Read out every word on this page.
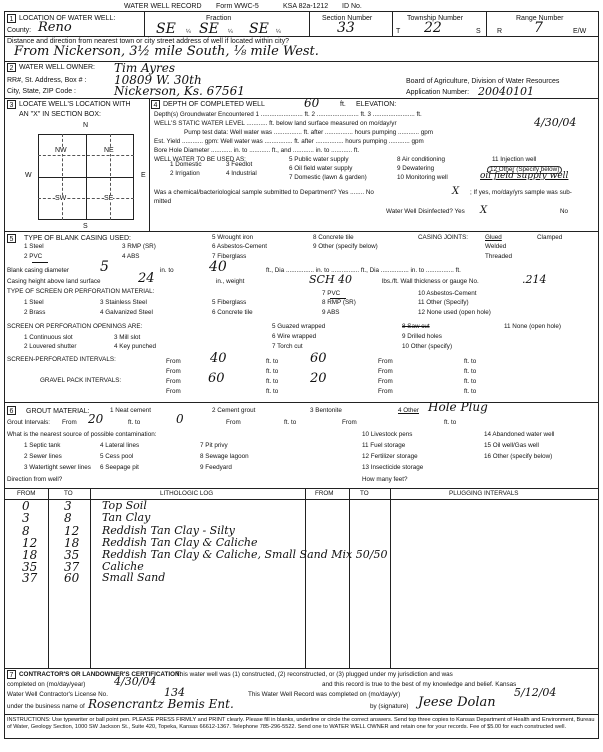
WATER WELL RECORD Form WWC-5	KSA 82a-1212 ID No.
1 LOCATION OF WATER WELL:
County: Reno
Fraction
SE ¼ SE ¼ SE ¼
Section Number
33
Township Number
T 22	S
Range Number
R 7	E/W
Distance and direction from nearest town or city street address of well if located within city?
From Nickerson, 3½ mile South, ⅛ mile West.
2 WATER WELL OWNER: Tim Ayres
RR#, St. Address, Box # : 10809 W. 30th
City, State, ZIP Code :	Nickerson, Ks. 67561
Board of Agriculture, Division of Water Resources
Application Number: 20040101
3 LOCATE WELL'S LOCATION WITH
AN "X" IN SECTION BOX:
N
S
W	E
NW	NE
SW	SE
4 DEPTH OF COMPLETED WELL	60	ft. ELEVATION:
Depth(s) Groundwater Encountered 1 ........................ ft. 2 ........................ ft. 3 ........................ ft.
WELL'S STATIC WATER LEVEL ............ ft. below land surface measured on mo/day/yr	4/30/04
Pump test data: Well water was ................ ft. after ................ hours pumping ............ gpm
Est. Yield ............ gpm: Well water was ................ ft. after ................ hours pumping ............ gpm
Bore Hole Diameter ............ in. to ............ ft., and ............ in. to ............ ft.
WELL WATER TO BE USED AS:
1 Domestic	3 Feedlot
5 Public water supply	8 Air conditioning	11 Injection well
2 Irrigation	4 Industrial
6 Oil field water supply	9 Dewatering	12 Other (Specify below)
7 Domestic (lawn & garden)	10 Monitoring well	oil field supply well
Was a chemical/bacteriological sample submitted to Department? Yes ........ No	X ; If yes, mo/day/yrs sample was sub-
mitted
Water Well Disinfected? Yes X	No
5	TYPE OF BLANK CASING USED:
1 Steel	3 RMP (SR)
5 Wrought iron	8 Concrete tile
2 PVC	4 ABS
6 Asbestos-Cement	9 Other (specify below)
7 Fiberglass
CASING JOINTS:	Glued	Clamped
Welded
Threaded
Blank casing diameter 5	in. to	40	ft., Dia ................ in. to ................ ft., Dia ................ in. to ................ ft.
Casing height above land surface	24	in., weight	SCH 40	lbs./ft. Wall thickness or gauge No.	.214
TYPE OF SCREEN OR PERFORATION MATERIAL:
1 Steel	3 Stainless Steel	5 Fiberglass
7 PVC	10 Asbestos-Cement
2 Brass	4 Galvanized Steel	6 Concrete tile
8 RMP (SR)	11 Other (Specify)
9 ABS	12 None used (open hole)
SCREEN OR PERFORATION OPENINGS ARE:
1 Continuous slot	3 Mill slot
5 Guazed wrapped	8 Saw cut	11 None (open hole)
2 Louvered shutter	4 Key punched
6 Wire wrapped	9 Drilled holes
7 Torch cut	10 Other (specify)
SCREEN-PERFORATED INTERVALS:	From 40	ft. to 60	From	ft. to
From	ft. to	From	ft. to
GRAVEL PACK INTERVALS:	From 60	ft. to 20	From	ft. to
From	ft. to	From	ft. to
6	GROUT MATERIAL:	1 Neat cement	2 Cement grout	3 Bentonite	4 Other Hole Plug
Grout Intervals: From 20	ft. to	0	From	ft. to	From	ft. to
What is the nearest source of possible contamination:
1 Septic tank	4 Lateral lines	7 Pit privy
10 Livestock pens	14 Abandoned water well
2 Sewer lines	5 Cess pool	8 Sewage lagoon
11 Fuel storage	15 Oil well/Gas well
3 Watertight sewer lines 6 Seepage pit	9 Feedyard
12 Fertilizer storage	16 Other (specify below)
13 Insecticide storage
Direction from well?	How many feet?
FROM	TO	LITHOLOGIC LOG	FROM	TO	PLUGGING INTERVALS
0	3	Top Soil
3	8	Tan Clay
8	12 Reddish Tan Clay - Silty
12 18 Reddish Tan Clay & Caliche
18 35 Reddish Tan Clay & Caliche, Small Sand Mix 50/50
35 37 Caliche
37 60 Small Sand
7 CONTRACTOR'S OR LANDOWNER'S CERTIFICATION:
This water well was (1) constructed, (2) reconstructed, or (3) plugged under my jurisdiction and was
completed on (mo/day/year)	4/30/04	and this record is true to the best of my knowledge and belief. Kansas
Water Well Contractor's License No.	134	This Water Well Record was completed on (mo/day/yr)	5/12/04
under the business name of Rosencrantz Bemis Ent.	by (signature) Jeese Dolan
INSTRUCTIONS: Use typewriter or ball point pen. PLEASE PRESS FIRMLY and PRINT clearly. Please fill in blanks, underline or circle the correct answers. Send top three copies to Kansas Department of Health and Environment, Bureau of Water, Geology Section, 1000 SW Jackson St., Suite 420, Topeka, Kansas 66612-1367. Telephone 785-296-5522. Send one to WATER WELL OWNER and retain one for your records. Fee of $5.00 for each constructed well.
